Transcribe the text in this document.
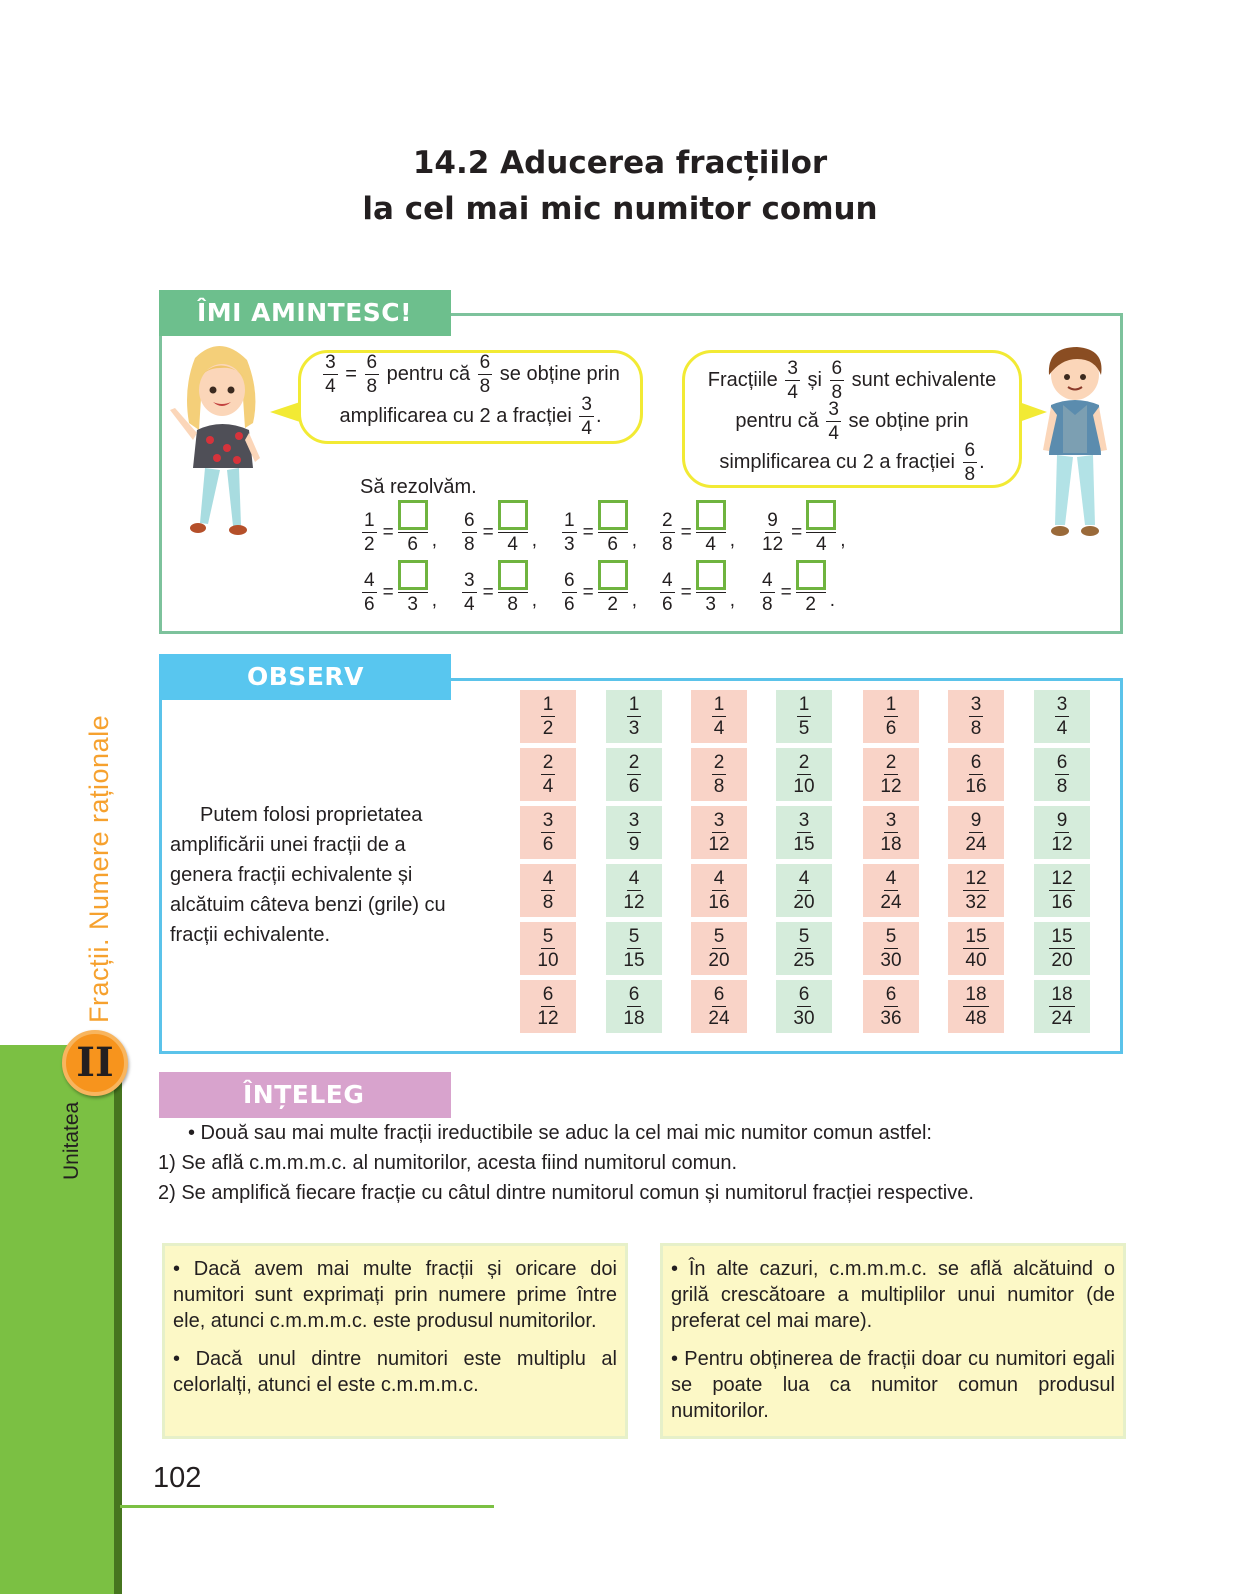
14.2 Aducerea fracțiilor
la cel mai mic numitor comun
ÎMI AMINTESC!
$\frac{3}{4} = \frac{6}{8}$ pentru că $\frac{6}{8}$ se obține prin
amplificarea cu 2 a fracției $\frac{3}{4}$ .
Fracțiile $\frac{3}{4}$ și $\frac{6}{8}$ sunt echivalente
pentru că $\frac{3}{4}$ se obține prin
simplificarea cu 2 a fracției $\frac{6}{8}$ .
Să rezolvăm.
$\frac{1}{2}$ =
6 , $\frac{6}{8}$ =
4 , $\frac{1}{3}$ =
6 , $\frac{2}{8}$ =
4 , $\frac{9}{12}$ =
4 ,
$\frac{4}{6}$ =
3 , $\frac{3}{4}$ =
8 , $\frac{6}{6}$ =
2 , $\frac{4}{6}$ =
3 , $\frac{4}{8}$ =
2 .
OBSERV
Putem folosi proprietatea amplificării unei fracții de a genera fracții echivalente și alcătuim câteva benzi (grile) cu fracții echivalente.
$\frac{1}{2}$
$\frac{2}{4}$
$\frac{3}{6}$
$\frac{4}{8}$
$\frac{5}{10}$
$\frac{6}{12}$
$\frac{1}{3}$
$\frac{2}{6}$
$\frac{3}{9}$
$\frac{4}{12}$
$\frac{5}{15}$
$\frac{6}{18}$
$\frac{1}{4}$
$\frac{2}{8}$
$\frac{3}{12}$
$\frac{4}{16}$
$\frac{5}{20}$
$\frac{6}{24}$
$\frac{1}{5}$
$\frac{2}{10}$
$\frac{3}{15}$
$\frac{4}{20}$
$\frac{5}{25}$
$\frac{6}{30}$
$\frac{1}{6}$
$\frac{2}{12}$
$\frac{3}{18}$
$\frac{4}{24}$
$\frac{5}{30}$
$\frac{6}{36}$
$\frac{3}{8}$
$\frac{6}{16}$
$\frac{9}{24}$
$\frac{12}{32}$
$\frac{15}{40}$
$\frac{18}{48}$
$\frac{3}{4}$
$\frac{6}{8}$
$\frac{9}{12}$
$\frac{12}{16}$
$\frac{15}{20}$
$\frac{18}{24}$
ÎNȚELEG
• Două sau mai multe fracții ireductibile se aduc la cel mai mic numitor comun astfel:
1) Se află c.m.m.m.c. al numitorilor, acesta fiind numitorul comun.
2) Se amplifică fiecare fracție cu câtul dintre numitorul comun și numitorul fracției respective.

• Dacă avem mai multe fracții și oricare doi numitori sunt exprimați prin numere prime între ele, atunci c.m.m.m.c. este produsul numitorilor.

• Dacă unul dintre numitori este multiplu al celorlalți, atunci el este c.m.m.m.c.

• În alte cazuri, c.m.m.m.c. se află alcătuind o grilă crescătoare a multiplilor unui numitor (de preferat cel mai mare).

• Pentru obținerea de fracții doar cu numitori egali se poate lua ca numitor comun produsul numitorilor.

Unitatea
Fracții. Numere raționale
II
102
